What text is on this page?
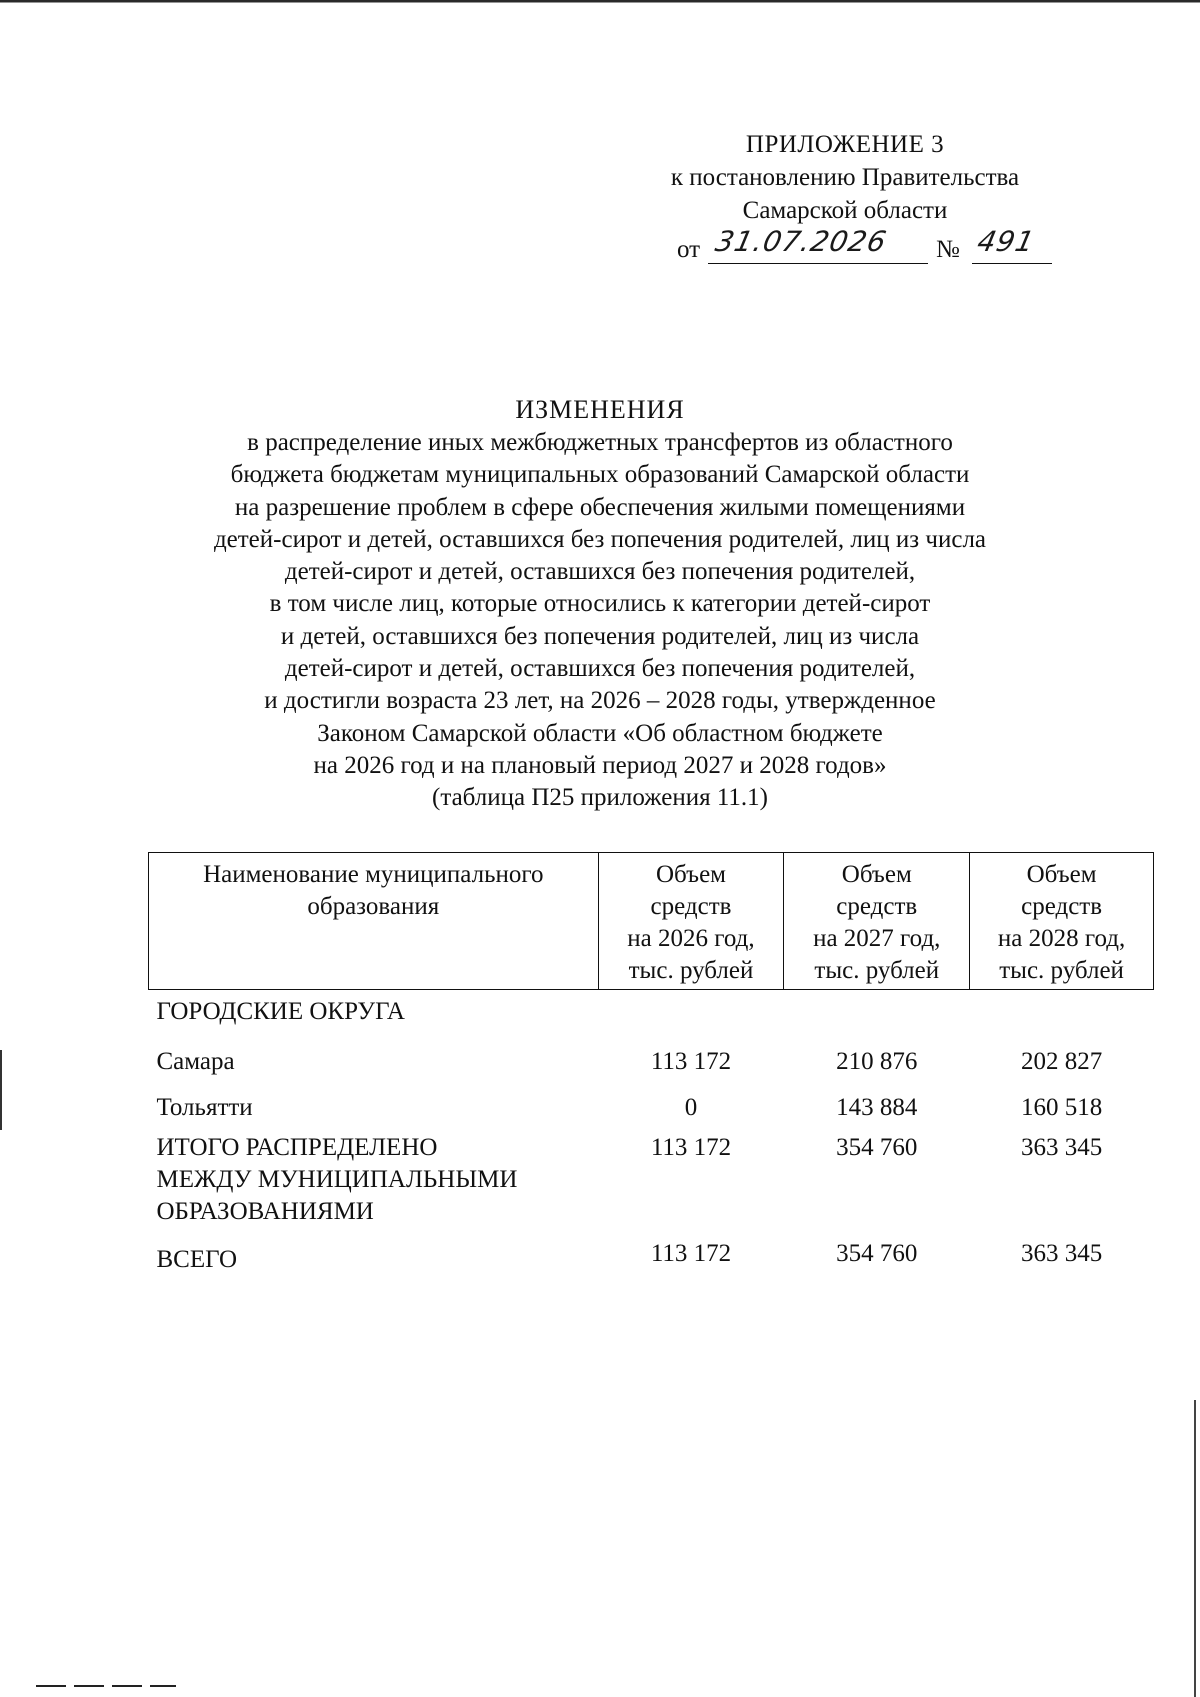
ПРИЛОЖЕНИЕ 3
к постановлению Правительства
Самарской области
от 31.07.2026 № 491
ИЗМЕНЕНИЯ
в распределение иных межбюджетных трансфертов из областного
бюджета бюджетам муниципальных образований Самарской области
на разрешение проблем в сфере обеспечения жилыми помещениями
детей-сирот и детей, оставшихся без попечения родителей, лиц из числа
детей-сирот и детей, оставшихся без попечения родителей,
в том числе лиц, которые относились к категории детей-сирот
и детей, оставшихся без попечения родителей, лиц из числа
детей-сирот и детей, оставшихся без попечения родителей,
и достигли возраста 23 лет, на 2026 – 2028 годы, утвержденное
Законом Самарской области «Об областном бюджете
на 2026 год и на плановый период 2027 и 2028 годов»
(таблица П25 приложения 11.1)
Наименование муниципального
образования	Объем
средств
на 2026 год,
тыс. рублей	Объем
средств
на 2027 год,
тыс. рублей	Объем
средств
на 2028 год,
тыс. рублей

ГОРОДСКИЕ ОКРУГА			
Самара	113 172	210 876	202 827
Тольятти	0	143 884	160 518

ИТОГО РАСПРЕДЕЛЕНО
МЕЖДУ МУНИЦИПАЛЬНЫМИ
ОБРАЗОВАНИЯМИ	113 172	354 760	363 345
ВСЕГО	113 172	354 760	363 345
